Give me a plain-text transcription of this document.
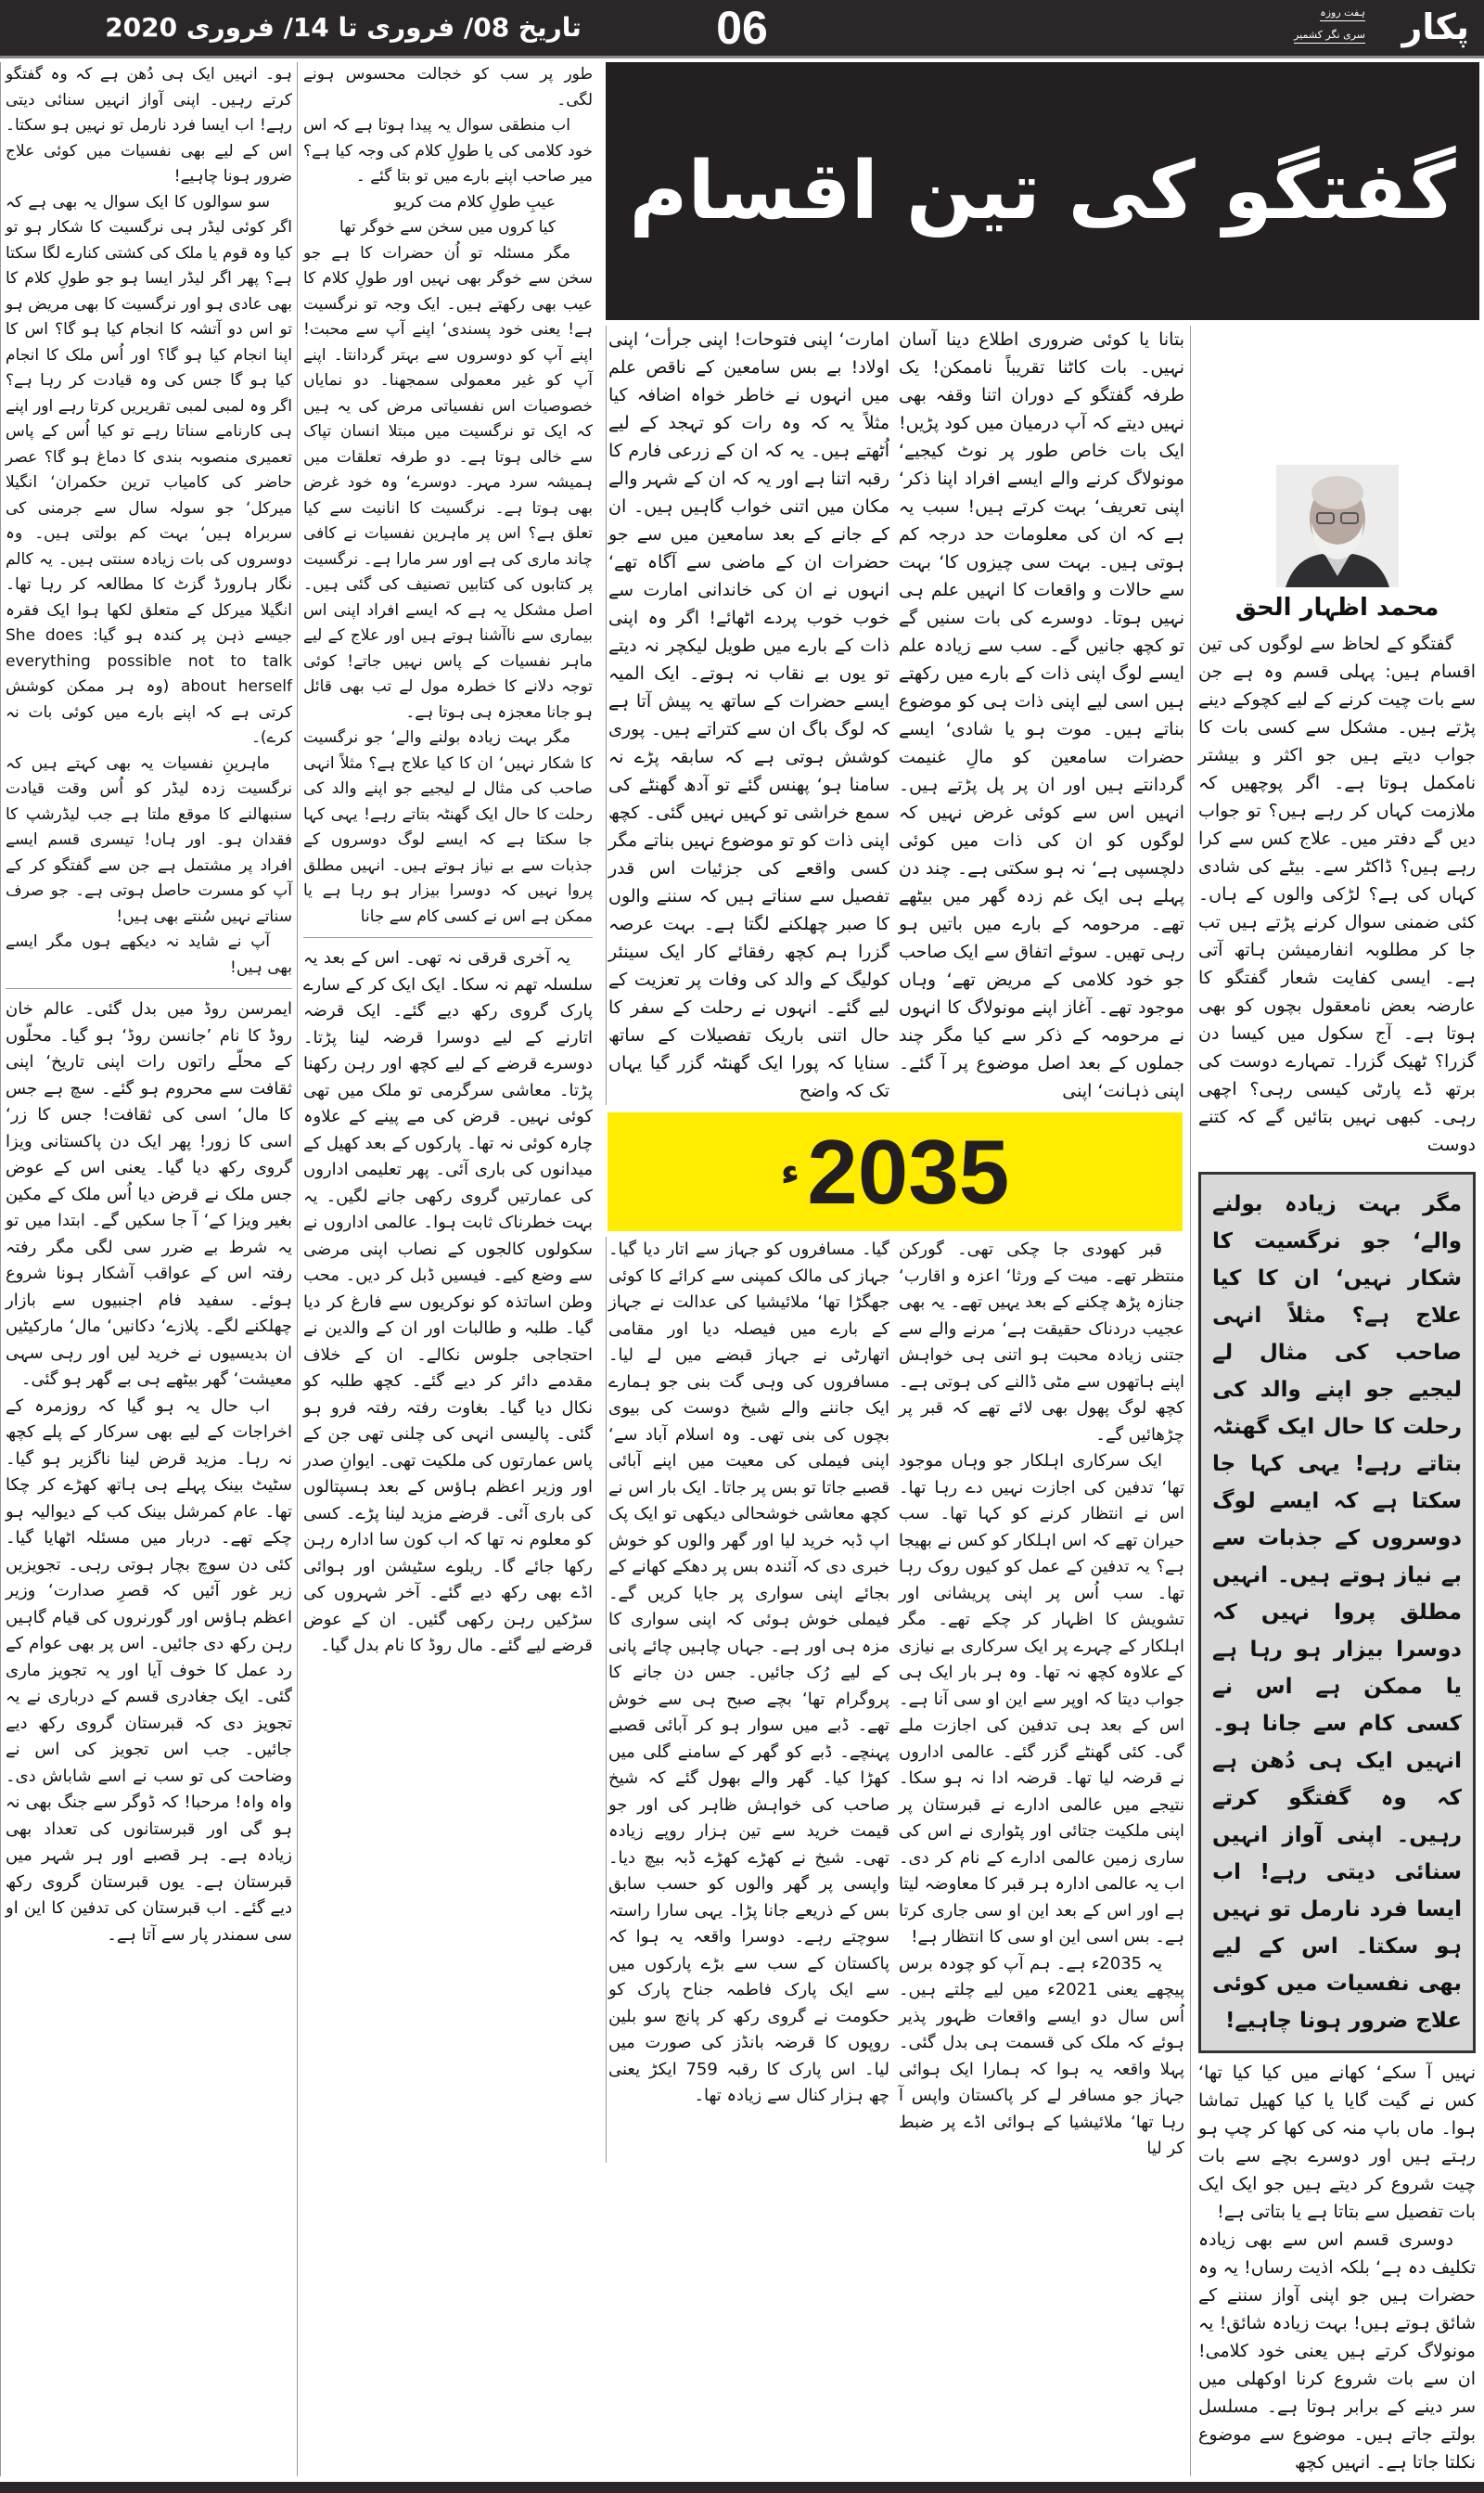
پکار
ہفت روزہ
سری نگر کشمیر
06
تاریخ 08/ فروری تا 14/ فروری 2020

ہو۔ انہیں ایک ہی دُھن ہے کہ وہ گفتگو کرتے رہیں۔ اپنی آواز انہیں سنائی دیتی رہے! اب ایسا فرد نارمل تو نہیں ہو سکتا۔ اس کے لیے بھی نفسیات میں کوئی علاج ضرور ہونا چاہیے!

سو سوالوں کا ایک سوال یہ بھی ہے کہ اگر کوئی لیڈر ہی نرگسیت کا شکار ہو تو کیا وہ قوم یا ملک کی کشتی کنارے لگا سکتا ہے؟ پھر اگر لیڈر ایسا ہو جو طولِ کلام کا بھی عادی ہو اور نرگسیت کا بھی مریض ہو تو اس دو آتشہ کا انجام کیا ہو گا؟ اس کا اپنا انجام کیا ہو گا؟ اور اُس ملک کا انجام کیا ہو گا جس کی وہ قیادت کر رہا ہے؟ اگر وہ لمبی لمبی تقریریں کرتا رہے اور اپنے ہی کارنامے سناتا رہے تو کیا اُس کے پاس تعمیری منصوبہ بندی کا دماغ ہو گا؟ عصر حاضر کی کامیاب ترین حکمران‘ انگیلا میرکل‘ جو سولہ سال سے جرمنی کی سربراہ ہیں‘ بہت کم بولتی ہیں۔ وہ دوسروں کی بات زیادہ سنتی ہیں۔ یہ کالم نگار ہارورڈ گزٹ کا مطالعہ کر رہا تھا۔ انگیلا میرکل کے متعلق لکھا ہوا ایک فقرہ جیسے ذہن پر کندہ ہو گیا: She does everything possible not to talk about herself (وہ ہر ممکن کوشش کرتی ہے کہ اپنے بارے میں کوئی بات نہ کرے)۔

ماہرینِ نفسیات یہ بھی کہتے ہیں کہ نرگسیت زدہ لیڈر کو اُس وقت قیادت سنبھالنے کا موقع ملتا ہے جب لیڈرشپ کا فقدان ہو۔ اور ہاں! تیسری قسم ایسے افراد پر مشتمل ہے جن سے گفتگو کر کے آپ کو مسرت حاصل ہوتی ہے۔ جو صرف سناتے نہیں سُنتے بھی ہیں!

آپ نے شاید نہ دیکھے ہوں مگر ایسے بھی ہیں!

ایمرسن روڈ میں بدل گئی۔ عالم خان روڈ کا نام ’جانسن روڈ‘ ہو گیا۔ محلّوں کے محلّے راتوں رات اپنی تاریخ‘ اپنی ثقافت سے محروم ہو گئے۔ سچ ہے جس کا مال‘ اسی کی ثقافت! جس کا زر‘ اسی کا زور! پھر ایک دن پاکستانی ویزا گروی رکھ دیا گیا۔ یعنی اس کے عوض جس ملک نے قرض دیا اُس ملک کے مکین بغیر ویزا کے‘ آ جا سکیں گے۔ ابتدا میں تو یہ شرط بے ضرر سی لگی مگر رفتہ رفتہ اس کے عواقب آشکار ہونا شروع ہوئے۔ سفید فام اجنبیوں سے بازار چھلکنے لگے۔ پلازے‘ دکانیں‘ مال‘ مارکیٹیں ان بدیسیوں نے خرید لیں اور رہی سہی معیشت‘ گھر بیٹھے ہی بے گھر ہو گئی۔

اب حال یہ ہو گیا کہ روزمرہ کے اخراجات کے لیے بھی سرکار کے پلے کچھ نہ رہا۔ مزید قرض لینا ناگزیر ہو گیا۔ سٹیٹ بینک پہلے ہی ہاتھ کھڑے کر چکا تھا۔ عام کمرشل بینک کب کے دیوالیہ ہو چکے تھے۔ دربار میں مسئلہ اٹھایا گیا۔ کئی دن سوچ بچار ہوتی رہی۔ تجویزیں زیر غور آئیں کہ قصرِ صدارت‘ وزیر اعظم ہاؤس اور گورنروں کی قیام گاہیں رہن رکھ دی جائیں۔ اس پر بھی عوام کے رد عمل کا خوف آیا اور یہ تجویز ماری گئی۔ ایک جغادری قسم کے درباری نے یہ تجویز دی کہ قبرستان گروی رکھ دیے جائیں۔ جب اس تجویز کی اس نے وضاحت کی تو سب نے اسے شاباش دی۔ واہ واہ! مرحبا! کہ ڈوگر سے جنگ بھی نہ ہو گی اور قبرستانوں کی تعداد بھی زیادہ ہے۔ ہر قصبے اور ہر شہر میں قبرستان ہے۔ یوں قبرستان گروی رکھ دیے گئے۔ اب قبرستان کی تدفین کا این او سی سمندر پار سے آتا ہے۔

طور پر سب کو خجالت محسوس ہونے لگی۔

اب منطقی سوال یہ پیدا ہوتا ہے کہ اس خود کلامی کی یا طولِ کلام کی وجہ کیا ہے؟ میر صاحب اپنے بارے میں تو بتا گئے ۔

عیبِ طولِ کلام مت کریو

کیا کروں میں سخن سے خوگر تھا

مگر مسئلہ تو اُن حضرات کا ہے جو سخن سے خوگر بھی نہیں اور طولِ کلام کا عیب بھی رکھتے ہیں۔ ایک وجہ تو نرگسیت ہے! یعنی خود پسندی‘ اپنے آپ سے محبت! اپنے آپ کو دوسروں سے بہتر گردانتا۔ اپنے آپ کو غیر معمولی سمجھنا۔ دو نمایاں خصوصیات اس نفسیاتی مرض کی یہ ہیں کہ ایک تو نرگسیت میں مبتلا انسان تپاک سے خالی ہوتا ہے۔ دو طرفہ تعلقات میں ہمیشہ سرد مہر۔ دوسرے‘ وہ خود غرض بھی ہوتا ہے۔ نرگسیت کا انانیت سے کیا تعلق ہے؟ اس پر ماہرین نفسیات نے کافی چاند ماری کی ہے اور سر مارا ہے۔ نرگسیت پر کتابوں کی کتابیں تصنیف کی گئی ہیں۔ اصل مشکل یہ ہے کہ ایسے افراد اپنی اس بیماری سے ناآشنا ہوتے ہیں اور علاج کے لیے ماہر نفسیات کے پاس نہیں جاتے! کوئی توجہ دلانے کا خطرہ مول لے تب بھی قائل ہو جانا معجزہ ہی ہوتا ہے۔

مگر بہت زیادہ بولنے والے‘ جو نرگسیت کا شکار نہیں‘ ان کا کیا علاج ہے؟ مثلاً انہی صاحب کی مثال لے لیجیے جو اپنے والد کی رحلت کا حال ایک گھنٹہ بتاتے رہے! یہی کہا جا سکتا ہے کہ ایسے لوگ دوسروں کے جذبات سے بے نیاز ہوتے ہیں۔ انہیں مطلق پروا نہیں کہ دوسرا بیزار ہو رہا ہے یا ممکن ہے اس نے کسی کام سے جانا

یہ آخری قرقی نہ تھی۔ اس کے بعد یہ سلسلہ تھم نہ سکا۔ ایک ایک کر کے سارے پارک گروی رکھ دیے گئے۔ ایک قرضہ اتارنے کے لیے دوسرا قرضہ لینا پڑتا۔ دوسرے قرضے کے لیے کچھ اور رہن رکھنا پڑتا۔ معاشی سرگرمی تو ملک میں تھی کوئی نہیں۔ قرض کی مے پینے کے علاوہ چارہ کوئی نہ تھا۔ پارکوں کے بعد کھیل کے میدانوں کی باری آئی۔ پھر تعلیمی اداروں کی عمارتیں گروی رکھی جانے لگیں۔ یہ بہت خطرناک ثابت ہوا۔ عالمی اداروں نے سکولوں کالجوں کے نصاب اپنی مرضی سے وضع کیے۔ فیسیں ڈبل کر دیں۔ محب وطن اساتذہ کو نوکریوں سے فارغ کر دیا گیا۔ طلبہ و طالبات اور ان کے والدین نے احتجاجی جلوس نکالے۔ ان کے خلاف مقدمے دائر کر دیے گئے۔ کچھ طلبہ کو نکال دیا گیا۔ بغاوت رفتہ رفتہ فرو ہو گئی۔ پالیسی انہی کی چلنی تھی جن کے پاس عمارتوں کی ملکیت تھی۔ ایوانِ صدر اور وزیر اعظم ہاؤس کے بعد ہسپتالوں کی باری آئی۔ قرضے مزید لینا پڑے۔ کسی کو معلوم نہ تھا کہ اب کون سا ادارہ رہن رکھا جائے گا۔ ریلوے سٹیشن اور ہوائی اڈے بھی رکھ دیے گئے۔ آخر شہروں کی سڑکیں رہن رکھی گئیں۔ ان کے عوض قرضے لیے گئے۔ مال روڈ کا نام بدل گیا۔

گفتگو کی تین اقسام

امارت‘ اپنی فتوحات! اپنی جرأت‘ اپنی اولاد! بے بس سامعین کے ناقص علم میں انہوں نے خاطر خواہ اضافہ کیا مثلاً یہ کہ وہ رات کو تہجد کے لیے اُٹھتے ہیں۔ یہ کہ ان کے زرعی فارم کا رقبہ اتنا ہے اور یہ کہ ان کے شہر والے مکان میں اتنی خواب گاہیں ہیں۔ ان کے جانے کے بعد سامعین میں سے جو حضرات ان کے ماضی سے آگاہ تھے‘ انہوں نے ان کی خاندانی امارت سے خوب خوب پردے اٹھائے! اگر وہ اپنی ذات کے بارے میں طویل لیکچر نہ دیتے تو یوں بے نقاب نہ ہوتے۔ ایک المیہ ایسے حضرات کے ساتھ یہ پیش آتا ہے کہ لوگ باگ ان سے کتراتے ہیں۔ پوری کوشش ہوتی ہے کہ سابقہ پڑے نہ سامنا ہو‘ پھنس گئے تو آدھ گھنٹے کی سمع خراشی تو کہیں نہیں گئی۔ کچھ اپنی ذات کو تو موضوع نہیں بناتے مگر کسی واقعے کی جزئیات اس قدر تفصیل سے سناتے ہیں کہ سننے والوں کا صبر چھلکنے لگتا ہے۔ بہت عرصہ گزرا ہم کچھ رفقائے کار ایک سینئر کولیگ کے والد کی وفات پر تعزیت کے لیے گئے۔ انہوں نے رحلت کے سفر کا حال اتنی باریک تفصیلات کے ساتھ سنایا کہ پورا ایک گھنٹہ گزر گیا یہاں تک کہ واضح

بتانا یا کوئی ضروری اطلاع دینا آسان نہیں۔ بات کاٹنا تقریباً ناممکن! یک طرفہ گفتگو کے دوران اتنا وقفہ بھی نہیں دیتے کہ آپ درمیان میں کود پڑیں! ایک بات خاص طور پر نوٹ کیجیے‘ مونولاگ کرنے والے ایسے افراد اپنا ذکر‘ اپنی تعریف‘ بہت کرتے ہیں! سبب یہ ہے کہ ان کی معلومات حد درجہ کم ہوتی ہیں۔ بہت سی چیزوں کا‘ بہت سے حالات و واقعات کا انہیں علم ہی نہیں ہوتا۔ دوسرے کی بات سنیں گے تو کچھ جانیں گے۔ سب سے زیادہ علم ایسے لوگ اپنی ذات کے بارے میں رکھتے ہیں اسی لیے اپنی ذات ہی کو موضوع بناتے ہیں۔ موت ہو یا شادی‘ ایسے حضرات سامعین کو مالِ غنیمت گردانتے ہیں اور ان پر پل پڑتے ہیں۔ انہیں اس سے کوئی غرض نہیں کہ لوگوں کو ان کی ذات میں کوئی دلچسپی ہے‘ نہ ہو سکتی ہے۔ چند دن پہلے ہی ایک غم زدہ گھر میں بیٹھے تھے۔ مرحومہ کے بارے میں باتیں ہو رہی تھیں۔ سوئے اتفاق سے ایک صاحب جو خود کلامی کے مریض تھے‘ وہاں موجود تھے۔ آغاز اپنے مونولاگ کا انہوں نے مرحومہ کے ذکر سے کیا مگر چند جملوں کے بعد اصل موضوع پر آ گئے۔ اپنی ذہانت‘ اپنی

ء 2035

گیا۔ مسافروں کو جہاز سے اتار دیا گیا۔ جہاز کی مالک کمپنی سے کرائے کا کوئی جھگڑا تھا‘ ملائیشیا کی عدالت نے جہاز کے بارے میں فیصلہ دیا اور مقامی اتھارٹی نے جہاز قبضے میں لے لیا۔ مسافروں کی وہی گت بنی جو ہمارے ایک جاننے والے شیخ دوست کی بیوی بچوں کی بنی تھی۔ وہ اسلام آباد سے‘ اپنی فیملی کی معیت میں اپنے آبائی قصبے جاتا تو بس پر جاتا۔ ایک بار اس نے کچھ معاشی خوشحالی دیکھی تو ایک پک اپ ڈبہ خرید لیا اور گھر والوں کو خوش خبری دی کہ آئندہ بس پر دھکے کھانے کے بجائے اپنی سواری پر جایا کریں گے۔ فیملی خوش ہوئی کہ اپنی سواری کا مزہ ہی اور ہے۔ جہاں چاہیں چائے پانی کے لیے رُک جائیں۔ جس دن جانے کا پروگرام تھا‘ بچے صبح ہی سے خوش تھے۔ ڈبے میں سوار ہو کر آبائی قصبے پہنچے۔ ڈبے کو گھر کے سامنے گلی میں کھڑا کیا۔ گھر والے بھول گئے کہ شیخ صاحب کی خواہش ظاہر کی اور جو قیمت خرید سے تین ہزار روپے زیادہ تھی۔ شیخ نے کھڑے کھڑے ڈبہ بیچ دیا۔ واپسی پر گھر والوں کو حسب سابق بس کے ذریعے جانا پڑا۔ یہی سارا راستہ سوچتے رہے۔ دوسرا واقعہ یہ ہوا کہ پاکستان کے سب سے بڑے پارکوں میں سے ایک پارک فاطمہ جناح پارک کو حکومت نے گروی رکھ کر پانچ سو بلین روپوں کا قرضہ بانڈز کی صورت میں لیا۔ اس پارک کا رقبہ 759 ایکڑ یعنی چھ ہزار کنال سے زیادہ تھا۔

قبر کھودی جا چکی تھی۔ گورکن منتظر تھے۔ میت کے ورثا‘ اعزہ و اقارب‘ جنازہ پڑھ چکنے کے بعد یہیں تھے۔ یہ بھی عجیب دردناک حقیقت ہے‘ مرنے والے سے جتنی زیادہ محبت ہو اتنی ہی خواہش اپنے ہاتھوں سے مٹی ڈالنے کی ہوتی ہے۔ کچھ لوگ پھول بھی لائے تھے کہ قبر پر چڑھائیں گے۔

ایک سرکاری اہلکار جو وہاں موجود تھا‘ تدفین کی اجازت نہیں دے رہا تھا۔ اس نے انتظار کرنے کو کہا تھا۔ سب حیران تھے کہ اس اہلکار کو کس نے بھیجا ہے؟ یہ تدفین کے عمل کو کیوں روک رہا تھا۔ سب اُس پر اپنی پریشانی اور تشویش کا اظہار کر چکے تھے۔ مگر اہلکار کے چہرے پر ایک سرکاری بے نیازی کے علاوہ کچھ نہ تھا۔ وہ ہر بار ایک ہی جواب دیتا کہ اوپر سے این او سی آنا ہے۔ اس کے بعد ہی تدفین کی اجازت ملے گی۔ کئی گھنٹے گزر گئے۔ عالمی اداروں نے قرضہ لیا تھا۔ قرضہ ادا نہ ہو سکا۔ نتیجے میں عالمی ادارے نے قبرستان پر اپنی ملکیت جتائی اور پٹواری نے اس کی ساری زمین عالمی ادارے کے نام کر دی۔ اب یہ عالمی ادارہ ہر قبر کا معاوضہ لیتا ہے اور اس کے بعد این او سی جاری کرتا ہے۔ بس اسی این او سی کا انتظار ہے!

یہ 2035ء ہے۔ ہم آپ کو چودہ برس پیچھے یعنی 2021ء میں لیے چلتے ہیں۔ اُس سال دو ایسے واقعات ظہور پذیر ہوئے کہ ملک کی قسمت ہی بدل گئی۔ پہلا واقعہ یہ ہوا کہ ہمارا ایک ہوائی جہاز جو مسافر لے کر پاکستان واپس آ رہا تھا‘ ملائیشیا کے ہوائی اڈے پر ضبط کر لیا

محمد اظہار الحق

گفتگو کے لحاظ سے لوگوں کی تین اقسام ہیں: پہلی قسم وہ ہے جن سے بات چیت کرنے کے لیے کچوکے دینے پڑتے ہیں۔ مشکل سے کسی بات کا جواب دیتے ہیں جو اکثر و بیشتر نامکمل ہوتا ہے۔ اگر پوچھیں کہ ملازمت کہاں کر رہے ہیں؟ تو جواب دیں گے دفتر میں۔ علاج کس سے کرا رہے ہیں؟ ڈاکٹر سے۔ بیٹے کی شادی کہاں کی ہے؟ لڑکی والوں کے ہاں۔ کئی ضمنی سوال کرنے پڑتے ہیں تب جا کر مطلوبہ انفارمیشن ہاتھ آتی ہے۔ ایسی کفایت شعار گفتگو کا عارضہ بعض نامعقول بچوں کو بھی ہوتا ہے۔ آج سکول میں کیسا دن گزرا؟ ٹھیک گزرا۔ تمہارے دوست کی برتھ ڈے پارٹی کیسی رہی؟ اچھی رہی۔ کبھی نہیں بتائیں گے کہ کتنے دوست

مگر بہت زیادہ بولنے والے‘ جو نرگسیت کا شکار نہیں‘ ان کا کیا علاج ہے؟ مثلاً انہی صاحب کی مثال لے لیجیے جو اپنے والد کی رحلت کا حال ایک گھنٹہ بتاتے رہے! یہی کہا جا سکتا ہے کہ ایسے لوگ دوسروں کے جذبات سے بے نیاز ہوتے ہیں۔ انہیں مطلق پروا نہیں کہ دوسرا بیزار ہو رہا ہے یا ممکن ہے اس نے کسی کام سے جانا ہو۔ انہیں ایک ہی دُھن ہے کہ وہ گفتگو کرتے رہیں۔ اپنی آواز انہیں سنائی دیتی رہے! اب ایسا فرد نارمل تو نہیں ہو سکتا۔ اس کے لیے بھی نفسیات میں کوئی علاج ضرور ہونا چاہیے!

نہیں آ سکے‘ کھانے میں کیا کیا تھا‘ کس نے گیت گایا یا کیا کھیل تماشا ہوا۔ ماں باپ منہ کی کھا کر چپ ہو رہتے ہیں اور دوسرے بچے سے بات چیت شروع کر دیتے ہیں جو ایک ایک بات تفصیل سے بتاتا ہے یا بتاتی ہے!

دوسری قسم اس سے بھی زیادہ تکلیف دہ ہے‘ بلکہ اذیت رساں! یہ وہ حضرات ہیں جو اپنی آواز سننے کے شائق ہوتے ہیں! بہت زیادہ شائق! یہ مونولاگ کرتے ہیں یعنی خود کلامی! ان سے بات شروع کرنا اوکھلی میں سر دینے کے برابر ہوتا ہے۔ مسلسل بولتے جاتے ہیں۔ موضوع سے موضوع نکلتا جاتا ہے۔ انہیں کچھ
